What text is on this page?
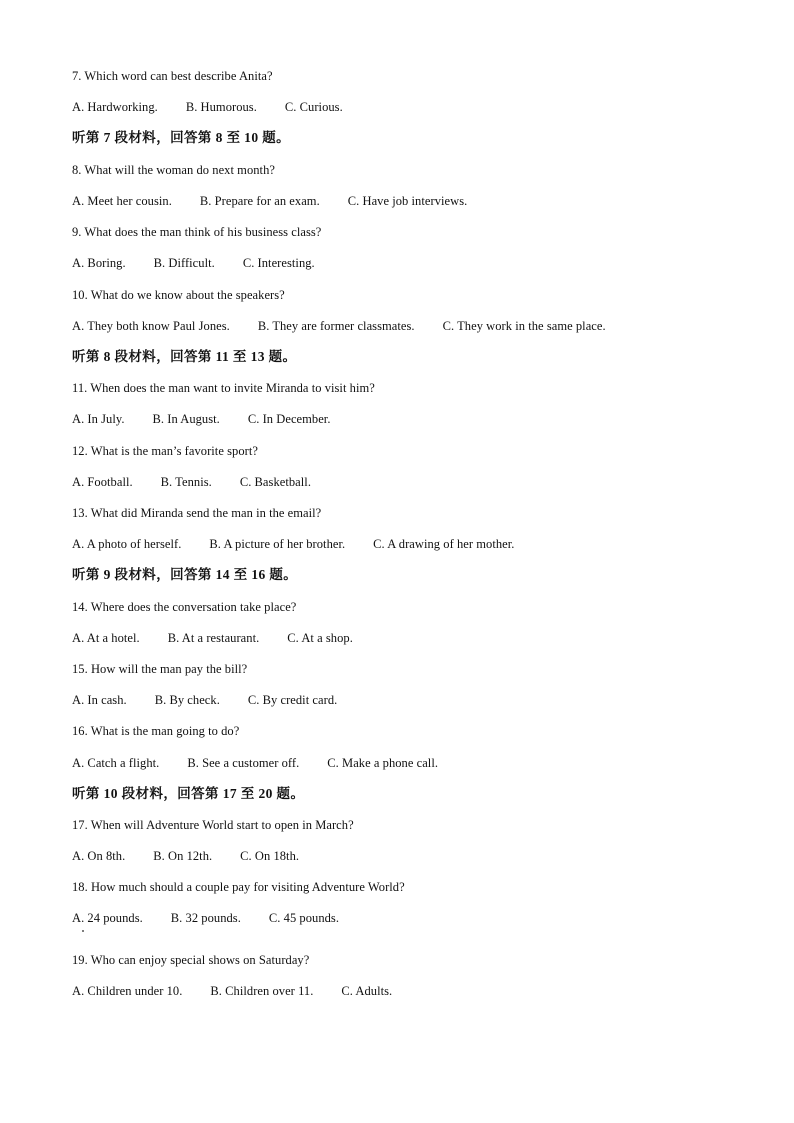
7. Which word can best describe Anita?
A. Hardworking. B. Humorous. C. Curious.
听第 7 段材料，回答第 8 至 10 题。
8. What will the woman do next month?
A. Meet her cousin. B. Prepare for an exam. C. Have job interviews.
9. What does the man think of his business class?
A. Boring. B. Difficult. C. Interesting.
10. What do we know about the speakers?
A. They both know Paul Jones. B. They are former classmates. C. They work in the same place.
听第 8 段材料，回答第 11 至 13 题。
11. When does the man want to invite Miranda to visit him?
A. In July. B. In August. C. In December.
12. What is the man’s favorite sport?
A. Football. B. Tennis. C. Basketball.
13. What did Miranda send the man in the email?
A. A photo of herself. B. A picture of her brother. C. A drawing of her mother.
听第 9 段材料，回答第 14 至 16 题。
14. Where does the conversation take place?
A. At a hotel. B. At a restaurant. C. At a shop.
15. How will the man pay the bill?
A. In cash. B. By check. C. By credit card.
16. What is the man going to do?
A. Catch a flight. B. See a customer off. C. Make a phone call.
听第 10 段材料，回答第 17 至 20 题。
17. When will Adventure World start to open in March?
A. On 8th. B. On 12th. C. On 18th.
18. How much should a couple pay for visiting Adventure World?
A. 24 pounds. B. 32 pounds. C. 45 pounds.
19. Who can enjoy special shows on Saturday?
A. Children under 10. B. Children over 11. C. Adults.
